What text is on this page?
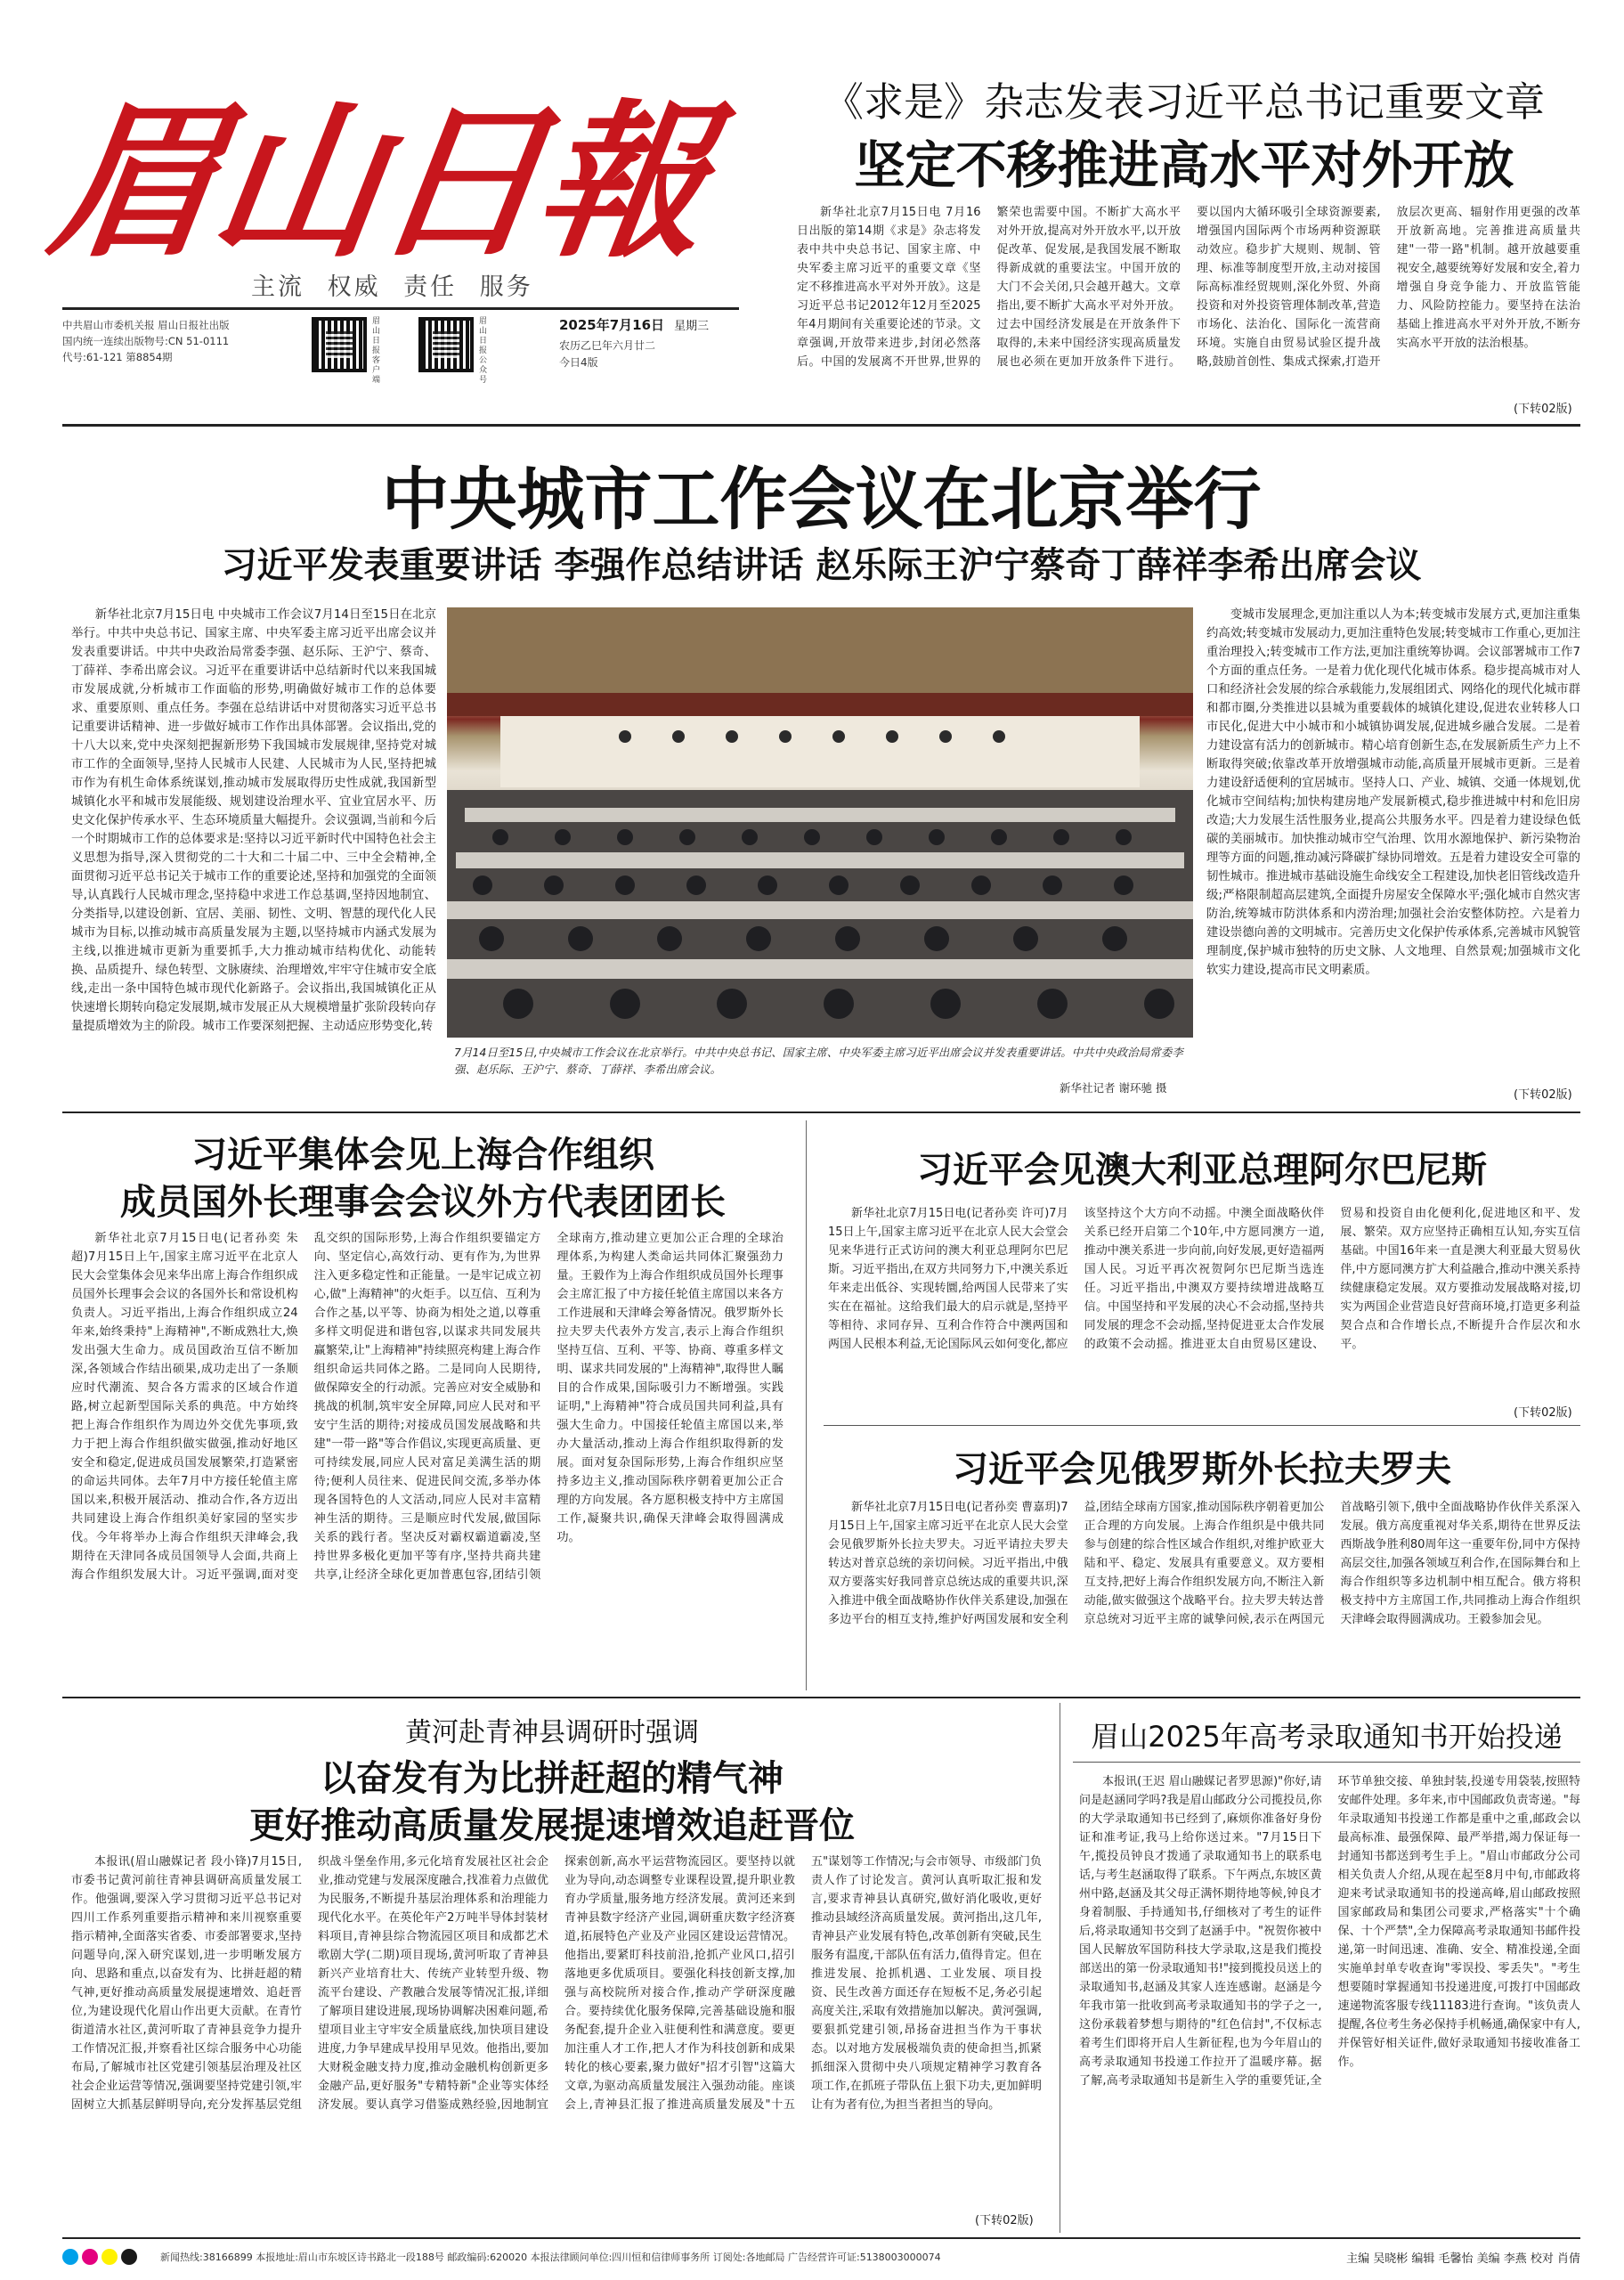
眉山日報
主流 权威 责任 服务
中共眉山市委机关报 眉山日报社出版
国内统一连续出版物号:CN 51-0111
代号:61-121 第8854期
眉山日报客户端
眉山日报公众号
2025年7月16日 星期三
农历乙巳年六月廿二
今日4版
《求是》杂志发表习近平总书记重要文章
坚定不移推进高水平对外开放

新华社北京7月15日电 7月16日出版的第14期《求是》杂志将发表中共中央总书记、国家主席、中央军委主席习近平的重要文章《坚定不移推进高水平对外开放》。这是习近平总书记2012年12月至2025年4月期间有关重要论述的节录。文章强调,开放带来进步,封闭必然落后。中国的发展离不开世界,世界的繁荣也需要中国。不断扩大高水平对外开放,提高对外开放水平,以开放促改革、促发展,是我国发展不断取得新成就的重要法宝。中国开放的大门不会关闭,只会越开越大。文章指出,要不断扩大高水平对外开放。过去中国经济发展是在开放条件下取得的,未来中国经济实现高质量发展也必须在更加开放条件下进行。要以国内大循环吸引全球资源要素,增强国内国际两个市场两种资源联动效应。稳步扩大规则、规制、管理、标准等制度型开放,主动对接国际高标准经贸规则,深化外贸、外商投资和对外投资管理体制改革,营造市场化、法治化、国际化一流营商环境。实施自由贸易试验区提升战略,鼓励首创性、集成式探索,打造开放层次更高、辐射作用更强的改革开放新高地。完善推进高质量共建"一带一路"机制。越开放越要重视安全,越要统筹好发展和安全,着力增强自身竞争能力、开放监管能力、风险防控能力。要坚持在法治基础上推进高水平对外开放,不断夯实高水平开放的法治根基。

(下转02版)
中央城市工作会议在北京举行
习近平发表重要讲话 李强作总结讲话 赵乐际王沪宁蔡奇丁薛祥李希出席会议

新华社北京7月15日电 中央城市工作会议7月14日至15日在北京举行。中共中央总书记、国家主席、中央军委主席习近平出席会议并发表重要讲话。中共中央政治局常委李强、赵乐际、王沪宁、蔡奇、丁薛祥、李希出席会议。习近平在重要讲话中总结新时代以来我国城市发展成就,分析城市工作面临的形势,明确做好城市工作的总体要求、重要原则、重点任务。李强在总结讲话中对贯彻落实习近平总书记重要讲话精神、进一步做好城市工作作出具体部署。会议指出,党的十八大以来,党中央深刻把握新形势下我国城市发展规律,坚持党对城市工作的全面领导,坚持人民城市人民建、人民城市为人民,坚持把城市作为有机生命体系统谋划,推动城市发展取得历史性成就,我国新型城镇化水平和城市发展能级、规划建设治理水平、宜业宜居水平、历史文化保护传承水平、生态环境质量大幅提升。会议强调,当前和今后一个时期城市工作的总体要求是:坚持以习近平新时代中国特色社会主义思想为指导,深入贯彻党的二十大和二十届二中、三中全会精神,全面贯彻习近平总书记关于城市工作的重要论述,坚持和加强党的全面领导,认真践行人民城市理念,坚持稳中求进工作总基调,坚持因地制宜、分类指导,以建设创新、宜居、美丽、韧性、文明、智慧的现代化人民城市为目标,以推动城市高质量发展为主题,以坚持城市内涵式发展为主线,以推进城市更新为重要抓手,大力推动城市结构优化、动能转换、品质提升、绿色转型、文脉赓续、治理增效,牢牢守住城市安全底线,走出一条中国特色城市现代化新路子。会议指出,我国城镇化正从快速增长期转向稳定发展期,城市发展正从大规模增量扩张阶段转向存量提质增效为主的阶段。城市工作要深刻把握、主动适应形势变化,转

7月14日至15日,中央城市工作会议在北京举行。中共中央总书记、国家主席、中央军委主席习近平出席会议并发表重要讲话。中共中央政治局常委李强、赵乐际、王沪宁、蔡奇、丁薛祥、李希出席会议。
新华社记者 谢环驰 摄

变城市发展理念,更加注重以人为本;转变城市发展方式,更加注重集约高效;转变城市发展动力,更加注重特色发展;转变城市工作重心,更加注重治理投入;转变城市工作方法,更加注重统筹协调。会议部署城市工作7个方面的重点任务。一是着力优化现代化城市体系。稳步提高城市对人口和经济社会发展的综合承载能力,发展组团式、网络化的现代化城市群和都市圈,分类推进以县城为重要载体的城镇化建设,促进农业转移人口市民化,促进大中小城市和小城镇协调发展,促进城乡融合发展。二是着力建设富有活力的创新城市。精心培育创新生态,在发展新质生产力上不断取得突破;依靠改革开放增强城市动能,高质量开展城市更新。三是着力建设舒适便利的宜居城市。坚持人口、产业、城镇、交通一体规划,优化城市空间结构;加快构建房地产发展新模式,稳步推进城中村和危旧房改造;大力发展生活性服务业,提高公共服务水平。四是着力建设绿色低碳的美丽城市。加快推动城市空气治理、饮用水源地保护、新污染物治理等方面的问题,推动减污降碳扩绿协同增效。五是着力建设安全可靠的韧性城市。推进城市基础设施生命线安全工程建设,加快老旧管线改造升级;严格限制超高层建筑,全面提升房屋安全保障水平;强化城市自然灾害防治,统筹城市防洪体系和内涝治理;加强社会治安整体防控。六是着力建设崇德向善的文明城市。完善历史文化保护传承体系,完善城市风貌管理制度,保护城市独特的历史文脉、人文地理、自然景观;加强城市文化软实力建设,提高市民文明素质。

(下转02版)
习近平集体会见上海合作组织
成员国外长理事会会议外方代表团团长

新华社北京7月15日电(记者孙奕 朱超)7月15日上午,国家主席习近平在北京人民大会堂集体会见来华出席上海合作组织成员国外长理事会会议的各国外长和常设机构负责人。习近平指出,上海合作组织成立24年来,始终秉持"上海精神",不断成熟壮大,焕发出强大生命力。成员国政治互信不断加深,各领域合作结出硕果,成功走出了一条顺应时代潮流、契合各方需求的区域合作道路,树立起新型国际关系的典范。中方始终把上海合作组织作为周边外交优先事项,致力于把上海合作组织做实做强,推动好地区安全和稳定,促进成员国发展繁荣,打造紧密的命运共同体。去年7月中方接任轮值主席国以来,积极开展活动、推动合作,各方迈出共同建设上海合作组织美好家园的坚实步伐。今年将举办上海合作组织天津峰会,我期待在天津同各成员国领导人会面,共商上海合作组织发展大计。习近平强调,面对变乱交织的国际形势,上海合作组织要锚定方向、坚定信心,高效行动、更有作为,为世界注入更多稳定性和正能量。一是牢记成立初心,做"上海精神"的火炬手。以互信、互利为合作之基,以平等、协商为相处之道,以尊重多样文明促进和谐包容,以谋求共同发展共赢繁荣,让"上海精神"持续照亮构建上海合作组织命运共同体之路。二是同向人民期待,做保障安全的行动派。完善应对安全威胁和挑战的机制,筑牢安全屏障,同应人民对和平安宁生活的期待;对接成员国发展战略和共建"一带一路"等合作倡议,实现更高质量、更可持续发展,同应人民对富足美满生活的期待;便利人员往来、促进民间交流,多举办体现各国特色的人文活动,同应人民对丰富精神生活的期待。三是顺应时代发展,做国际关系的践行者。坚决反对霸权霸道霸凌,坚持世界多极化更加平等有序,坚持共商共建共享,让经济全球化更加普惠包容,团结引领全球南方,推动建立更加公正合理的全球治理体系,为构建人类命运共同体汇聚强劲力量。王毅作为上海合作组织成员国外长理事会主席汇报了中方接任轮值主席国以来各方工作进展和天津峰会筹备情况。俄罗斯外长拉夫罗夫代表外方发言,表示上海合作组织坚持互信、互利、平等、协商、尊重多样文明、谋求共同发展的"上海精神",取得世人瞩目的合作成果,国际吸引力不断增强。实践证明,"上海精神"符合成员国共同利益,具有强大生命力。中国接任轮值主席国以来,举办大量活动,推动上海合作组织取得新的发展。面对复杂国际形势,上海合作组织应坚持多边主义,推动国际秩序朝着更加公正合理的方向发展。各方愿积极支持中方主席国工作,凝聚共识,确保天津峰会取得圆满成功。

习近平会见澳大利亚总理阿尔巴尼斯

新华社北京7月15日电(记者孙奕 许可)7月15日上午,国家主席习近平在北京人民大会堂会见来华进行正式访问的澳大利亚总理阿尔巴尼斯。习近平指出,在双方共同努力下,中澳关系近年来走出低谷、实现转圜,给两国人民带来了实实在在福祉。这给我们最大的启示就是,坚持平等相待、求同存异、互利合作符合中澳两国和两国人民根本利益,无论国际风云如何变化,都应该坚持这个大方向不动摇。中澳全面战略伙伴关系已经开启第二个10年,中方愿同澳方一道,推动中澳关系进一步向前,向好发展,更好造福两国人民。习近平再次祝贺阿尔巴尼斯当选连任。习近平指出,中澳双方要持续增进战略互信。中国坚持和平发展的决心不会动摇,坚持共同发展的理念不会动摇,坚持促进亚太合作发展的政策不会动摇。推进亚太自由贸易区建设、贸易和投资自由化便利化,促进地区和平、发展、繁荣。双方应坚持正确相互认知,夯实互信基础。中国16年来一直是澳大利亚最大贸易伙伴,中方愿同澳方扩大利益融合,推动中澳关系持续健康稳定发展。双方要推动发展战略对接,切实为两国企业营造良好营商环境,打造更多利益契合点和合作增长点,不断提升合作层次和水平。

(下转02版)
习近平会见俄罗斯外长拉夫罗夫

新华社北京7月15日电(记者孙奕 曹嘉玥)7月15日上午,国家主席习近平在北京人民大会堂会见俄罗斯外长拉夫罗夫。习近平请拉夫罗夫转达对普京总统的亲切问候。习近平指出,中俄双方要落实好我同普京总统达成的重要共识,深入推进中俄全面战略协作伙伴关系建设,加强在多边平台的相互支持,维护好两国发展和安全利益,团结全球南方国家,推动国际秩序朝着更加公正合理的方向发展。上海合作组织是中俄共同参与创建的综合性区域合作组织,对维护欧亚大陆和平、稳定、发展具有重要意义。双方要相互支持,把好上海合作组织发展方向,不断注入新动能,做实做强这个战略平台。拉夫罗夫转达普京总统对习近平主席的诚挚问候,表示在两国元首战略引领下,俄中全面战略协作伙伴关系深入发展。俄方高度重视对华关系,期待在世界反法西斯战争胜利80周年这一重要年份,同中方保持高层交往,加强各领域互利合作,在国际舞台和上海合作组织等多边机制中相互配合。俄方将积极支持中方主席国工作,共同推动上海合作组织天津峰会取得圆满成功。王毅参加会见。

黄河赴青神县调研时强调
以奋发有为比拼赶超的精气神
更好推动高质量发展提速增效追赶晋位

本报讯(眉山融媒记者 段小锋)7月15日,市委书记黄河前往青神县调研高质量发展工作。他强调,要深入学习贯彻习近平总书记对四川工作系列重要指示精神和来川视察重要指示精神,全面落实省委、市委部署要求,坚持问题导向,深入研究谋划,进一步明晰发展方向、思路和重点,以奋发有为、比拼赶超的精气神,更好推动高质量发展提速增效、追赶晋位,为建设现代化眉山作出更大贡献。在青竹街道清水社区,黄河听取了青神县竞争力提升工作情况汇报,并察看社区综合服务中心功能布局,了解城市社区党建引领基层治理及社区社会企业运营等情况,强调要坚持党建引领,牢固树立大抓基层鲜明导向,充分发挥基层党组织战斗堡垒作用,多元化培育发展社区社会企业,推动党建与发展深度融合,找准着力点做优为民服务,不断提升基层治理体系和治理能力现代化水平。在英伦年产2万吨半导体封装材料项目,青神县综合物流园区项目和成都艺术歌剧大学(二期)项目现场,黄河听取了青神县新兴产业培育壮大、传统产业转型升级、物流平台建设、产教融合发展等情况汇报,详细了解项目建设进展,现场协调解决困难问题,希望项目业主守牢安全质量底线,加快项目建设进度,力争早建成早投用早见效。他指出,要加大财税金融支持力度,推动金融机构创新更多金融产品,更好服务"专精特新"企业等实体经济发展。要认真学习借鉴成熟经验,因地制宜探索创新,高水平运营物流园区。要坚持以就业为导向,动态调整专业课程设置,提升职业教育办学质量,服务地方经济发展。黄河还来到青神县数字经济产业园,调研重庆数字经济赛道,拓展特色产业及产业园区建设运营情况。他指出,要紧盯科技前沿,抢抓产业风口,招引落地更多优质项目。要强化科技创新支撑,加强与高校院所对接合作,推动产学研深度融合。要持续优化服务保障,完善基础设施和服务配套,提升企业入驻便利性和满意度。要更加注重人才工作,把人才作为科技创新和成果转化的核心要素,聚力做好"招才引智"这篇大文章,为驱动高质量发展注入强劲动能。座谈会上,青神县汇报了推进高质量发展及"十五五"谋划等工作情况;与会市领导、市级部门负责人作了讨论发言。黄河认真听取汇报和发言,要求青神县认真研究,做好消化吸收,更好推动县域经济高质量发展。黄河指出,这几年,青神县产业发展有特色,改革创新有突破,民生服务有温度,干部队伍有活力,值得肯定。但在推进发展、抢抓机遇、工业发展、项目投资、民生改善方面还存在短板不足,务必引起高度关注,采取有效措施加以解决。黄河强调,要狠抓党建引领,昂扬奋进担当作为干事状态。以对地方发展极端负责的使命担当,抓紧抓细深入贯彻中央八项规定精神学习教育各项工作,在抓班子带队伍上狠下功夫,更加鲜明让有为者有位,为担当者担当的导向。

(下转02版)
眉山2025年高考录取通知书开始投递

本报讯(王迟 眉山融媒记者罗思源)"你好,请问是赵涵同学吗?我是眉山邮政分公司揽投员,你的大学录取通知书已经到了,麻烦你准备好身份证和准考证,我马上给你送过来。"7月15日下午,揽投员钟良才拨通了录取通知书上的联系电话,与考生赵涵取得了联系。下午两点,东坡区黄州中路,赵涵及其父母正满怀期待地等候,钟良才身着制服、手持通知书,仔细核对了考生的证件后,将录取通知书交到了赵涵手中。"祝贺你被中国人民解放军国防科技大学录取,这是我们揽投部送出的第一份录取通知书!"接到揽投员送上的录取通知书,赵涵及其家人连连感谢。赵涵是今年我市第一批收到高考录取通知书的学子之一,这份承载着梦想与期待的"红色信封",不仅标志着考生们即将开启人生新征程,也为今年眉山的高考录取通知书投递工作拉开了温暖序幕。据了解,高考录取通知书是新生入学的重要凭证,全环节单独交接、单独封装,投递专用袋装,按照特安邮件处理。多年来,市中国邮政负责寄递。"每年录取通知书投递工作都是重中之重,邮政会以最高标准、最强保障、最严举措,竭力保证每一封通知书都送到考生手上。"眉山市邮政分公司相关负责人介绍,从现在起至8月中旬,市邮政将迎来考试录取通知书的投递高峰,眉山邮政按照国家邮政局和集团公司要求,严格落实"十个确保、十个严禁",全力保障高考录取通知书邮件投递,第一时间迅速、准确、安全、精准投递,全面实施单封单专收查询"零误投、零丢失"。"考生想要随时掌握通知书投递进度,可拨打中国邮政速递物流客服专线11183进行查询。"该负责人提醒,各位考生务必保持手机畅通,确保家中有人,并保管好相关证件,做好录取通知书接收准备工作。

新闻热线:38166899 本报地址:眉山市东坡区诗书路北一段188号 邮政编码:620020 本报法律顾问单位:四川恒和信律师事务所 订阅处:各地邮局 广告经营许可证:5138003000074	主编 吴晓彬 编辑 毛馨怡 美编 李燕 校对 肖倩
